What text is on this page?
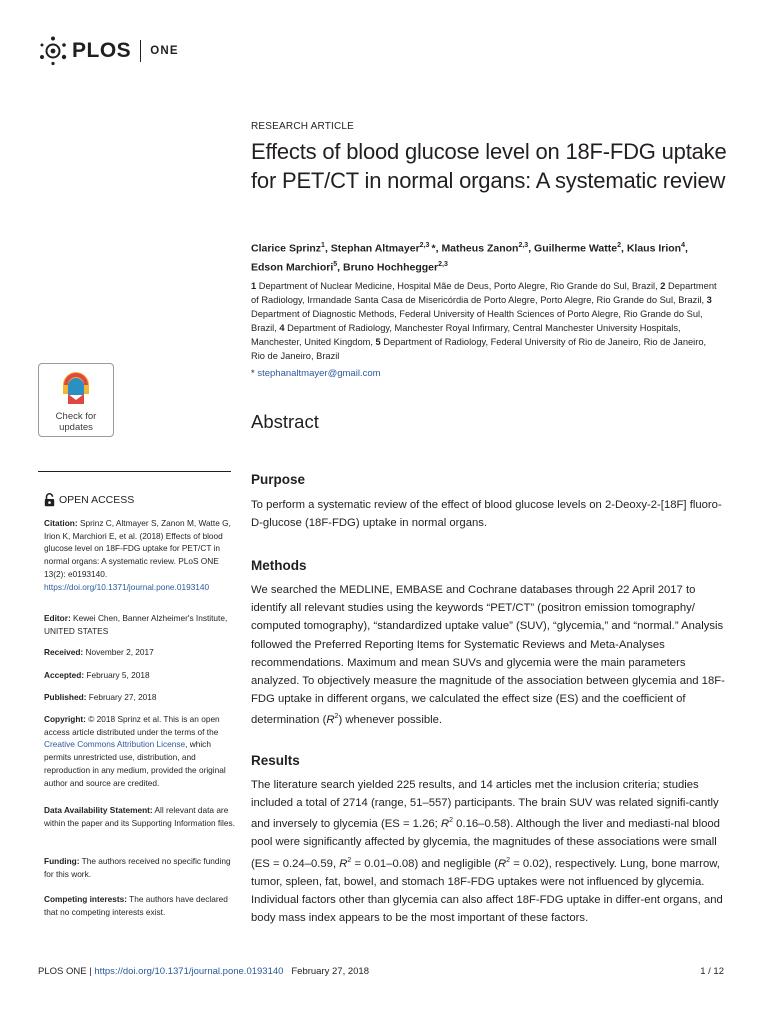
PLOS ONE
RESEARCH ARTICLE
Effects of blood glucose level on 18F-FDG uptake for PET/CT in normal organs: A systematic review
Clarice Sprinz$^1$, Stephan Altmayer$^{2,3}$ *, Matheus Zanon$^{2,3}$, Guilherme Watte$^2$, Klaus Irion$^4$,
Edson Marchiori$^5$, Bruno Hochhegger$^{2,3}$
1 Department of Nuclear Medicine, Hospital Mãe de Deus, Porto Alegre, Rio Grande do Sul, Brazil, 2 Department of Radiology, Irmandade Santa Casa de Misericórdia de Porto Alegre, Porto Alegre, Rio Grande do Sul, Brazil, 3 Department of Diagnostic Methods, Federal University of Health Sciences of Porto Alegre, Rio Grande do Sul, Brazil, 4 Department of Radiology, Manchester Royal Infirmary, Central Manchester University Hospitals, Manchester, United Kingdom, 5 Department of Radiology, Federal University of Rio de Janeiro, Rio de Janeiro, Rio de Janeiro, Brazil
* stephanaltmayer@gmail.com
Abstract
Purpose

To perform a systematic review of the effect of blood glucose levels on 2-Deoxy-2-[18F] fluoro-D-glucose (18F-FDG) uptake in normal organs.

Methods

We searched the MEDLINE, EMBASE and Cochrane databases through 22 April 2017 to identify all relevant studies using the keywords “PET/CT” (positron emission tomography/ computed tomography), “standardized uptake value” (SUV), “glycemia,” and “normal.” Analysis followed the Preferred Reporting Items for Systematic Reviews and Meta-Analyses recommendations. Maximum and mean SUVs and glycemia were the main parameters analyzed. To objectively measure the magnitude of the association between glycemia and 18F-FDG uptake in different organs, we calculated the effect size (ES) and the coefficient of determination $(R^2)$ whenever possible.

Results

The literature search yielded 225 results, and 14 articles met the inclusion criteria; studies included a total of 2714 (range, 51–557) participants. The brain SUV was related signifi-cantly and inversely to glycemia (ES = 1.26; $R^2$ 0.16–0.58). Although the liver and mediasti-nal blood pool were significantly affected by glycemia, the magnitudes of these associations were small (ES = 0.24–0.59, $R^2 = 0.01-0.08$) and negligible $(R^2 = 0.02)$, respectively. Lung, bone marrow, tumor, spleen, fat, bowel, and stomach 18F-FDG uptakes were not influenced by glycemia. Individual factors other than glycemia can also affect 18F-FDG uptake in differ-ent organs, and body mass index appears to be the most important of these factors.

Check for
updates
OPEN ACCESS
Citation: Sprinz C, Altmayer S, Zanon M, Watte G, Irion K, Marchiori E, et al. (2018) Effects of blood glucose level on 18F-FDG uptake for PET/CT in normal organs: A systematic review. PLoS ONE 13(2): e0193140. https://doi.org/10.1371/journal.pone.0193140
Editor: Kewei Chen, Banner Alzheimer's Institute, UNITED STATES
Received: November 2, 2017
Accepted: February 5, 2018
Published: February 27, 2018
Copyright: © 2018 Sprinz et al. This is an open access article distributed under the terms of the Creative Commons Attribution License, which permits unrestricted use, distribution, and reproduction in any medium, provided the original author and source are credited.
Data Availability Statement: All relevant data are within the paper and its Supporting Information files.
Funding: The authors received no specific funding for this work.
Competing interests: The authors have declared that no competing interests exist.
PLOS ONE | https://doi.org/10.1371/journal.pone.0193140 February 27, 2018	1 / 12
